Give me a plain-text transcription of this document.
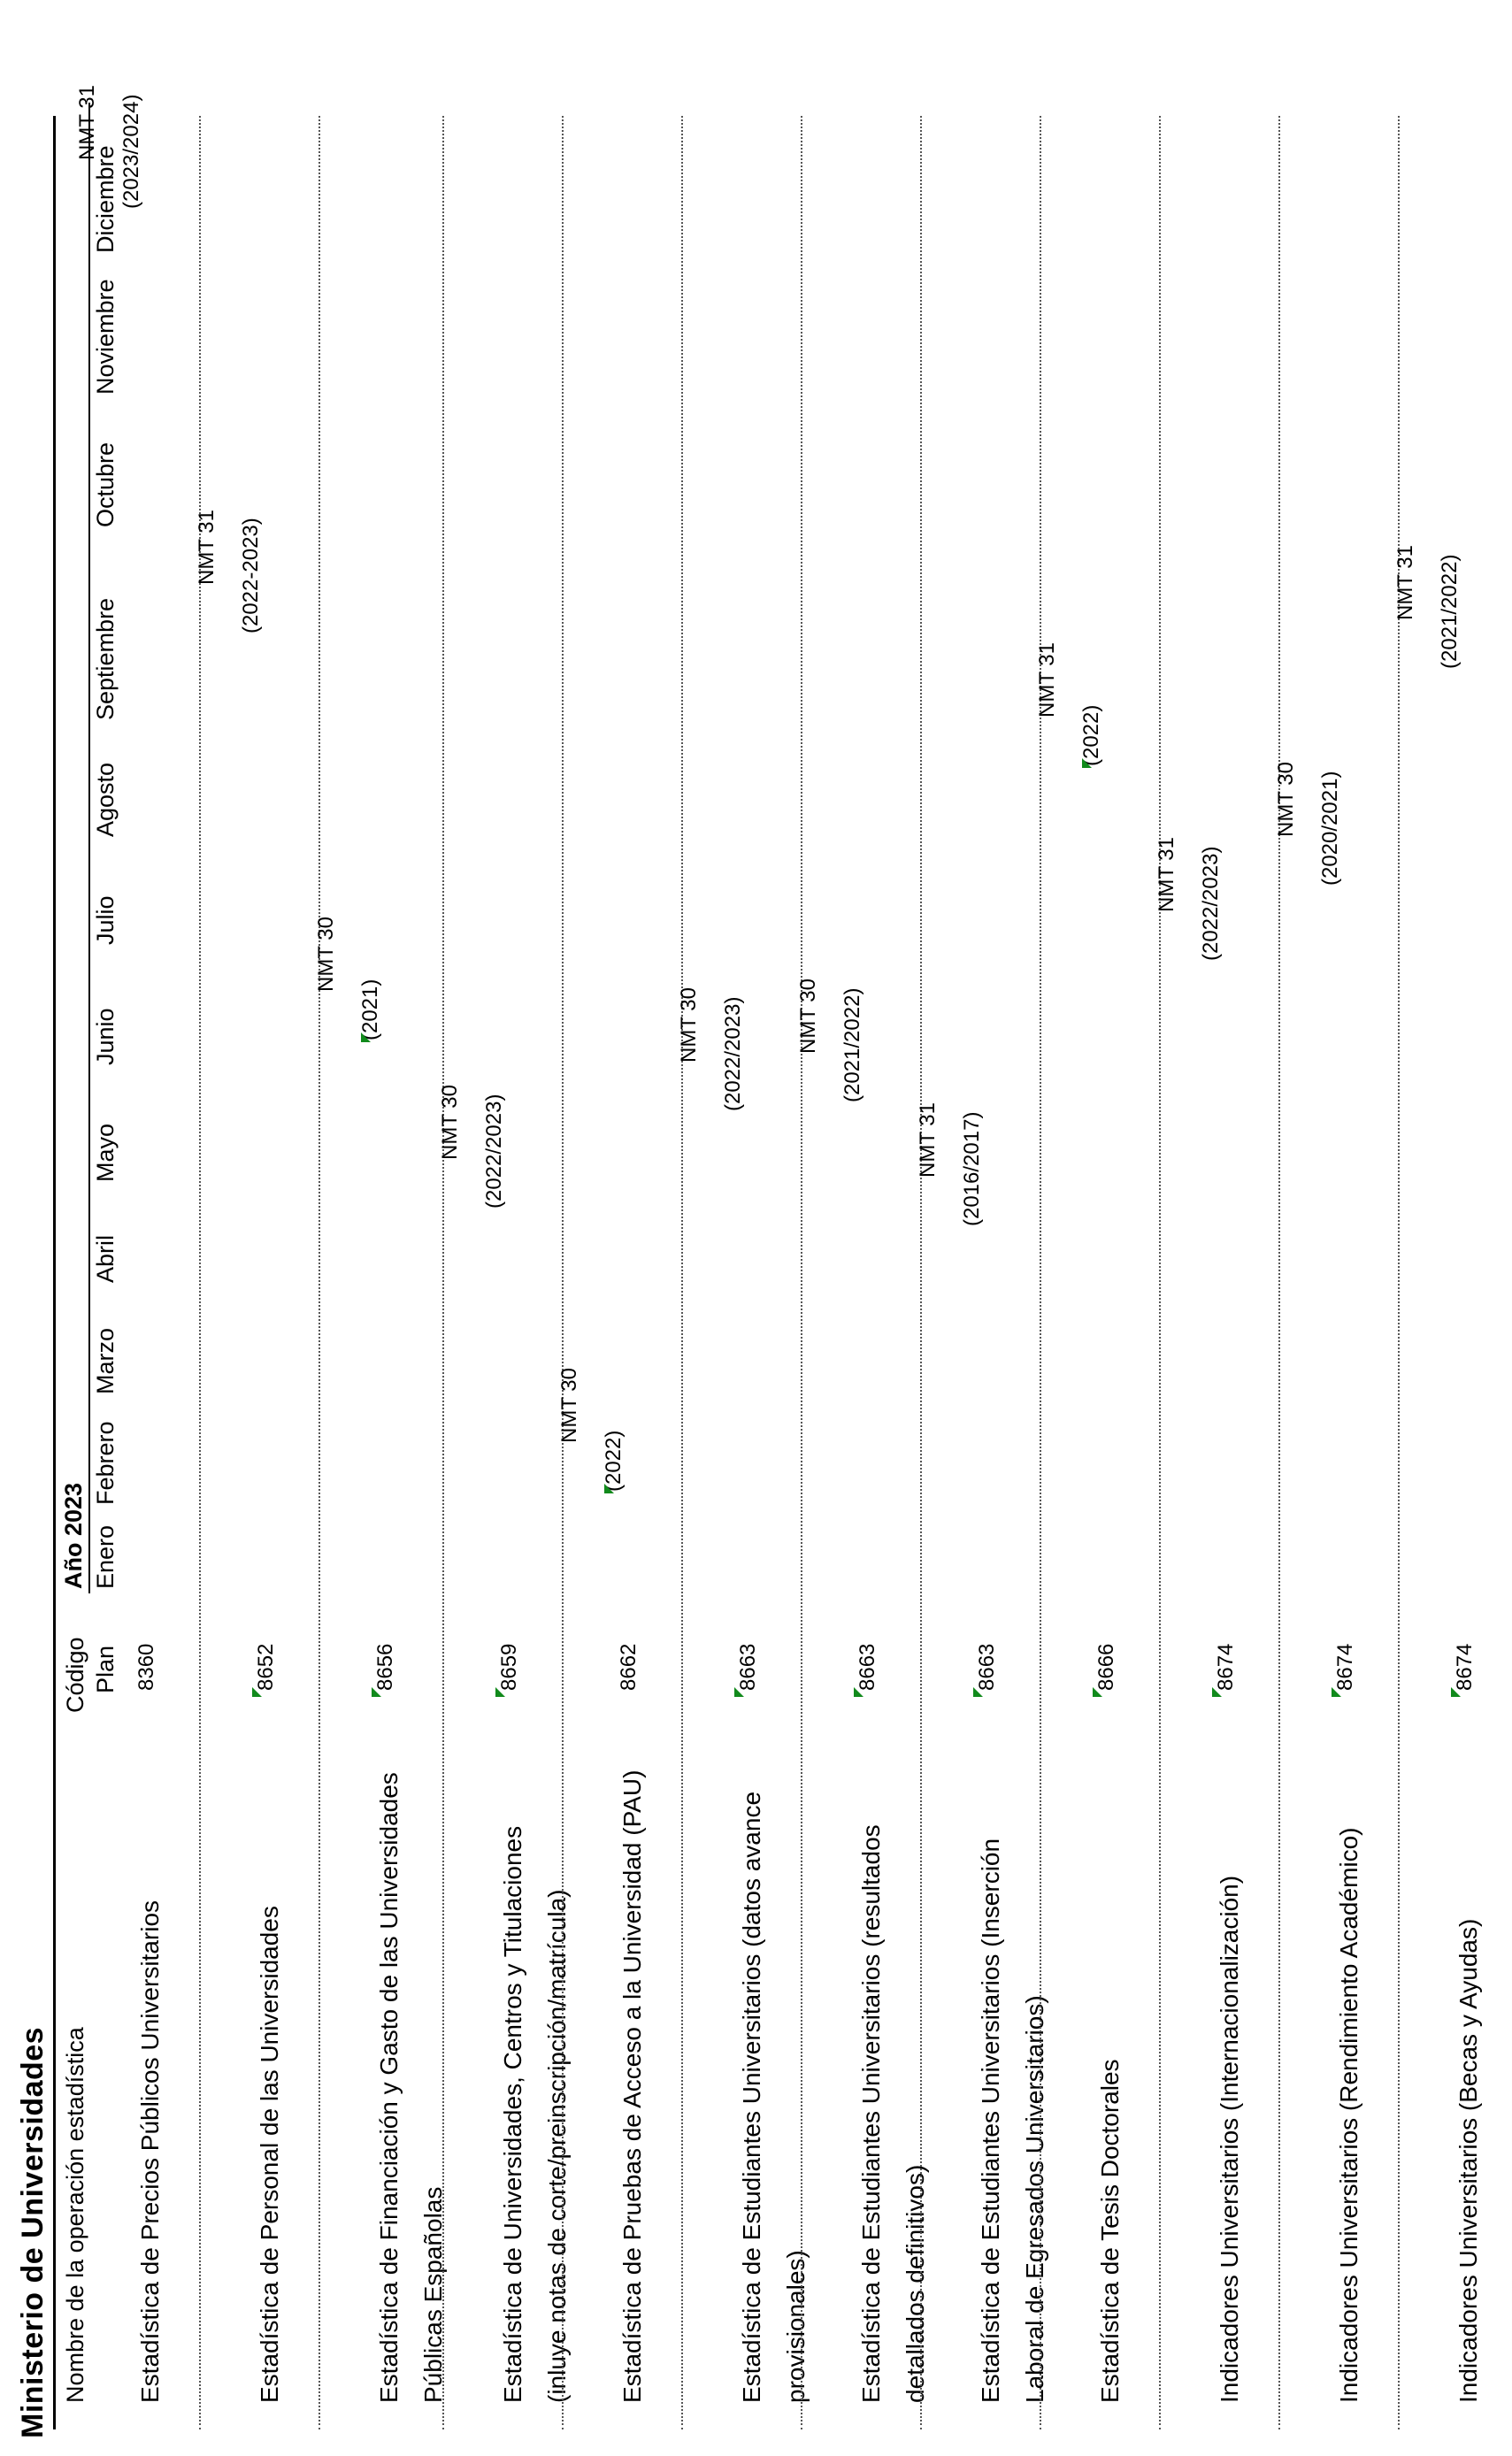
Ministerio de Universidades Nombre de la operación estadística
Código Plan
Año 2023 Enero
Febrero
Marzo
Abril
Mayo
Junio
Julio
Agosto
Septiembre
Octubre
Noviembre
Diciembre
Estadística de Precios Públicos Universitarios
8360
NMT 31 (2023/2024)
Estadística de Personal de las Universidades
8652
NMT 31 (2022-2023)
Estadística de Financiación y Gasto de las Universidades Públicas Españolas
8656
NMT 30
(2021)
Estadística de Universidades, Centros y Titulaciones (inluye notas de corte/preinscripción/matrícula)
8659
NMT 30 (2022/2023)
Estadística de Pruebas de Acceso a la Universidad (PAU)
8662
NMT 30
(2022)
Estadística de Estudiantes Universitarios (datos avance provisionales)
8663
NMT 30 (2022/2023)
Estadística de Estudiantes Universitarios (resultados detallados definitivos)
8663
NMT 30 (2021/2022)
Estadística de Estudiantes Universitarios (Inserción Laboral de Egresados Universitarios)
8663
NMT 31 (2016/2017)
Estadística de Tesis Doctorales
8666
NMT 31
(2022)
Indicadores Universitarios (Internacionalización)
8674
NMT 31 (2022/2023)
Indicadores Universitarios (Rendimiento Académico)
8674
NMT 30 (2020/2021)
Indicadores Universitarios (Becas y Ayudas)
8674
NMT 31 (2021/2022)
